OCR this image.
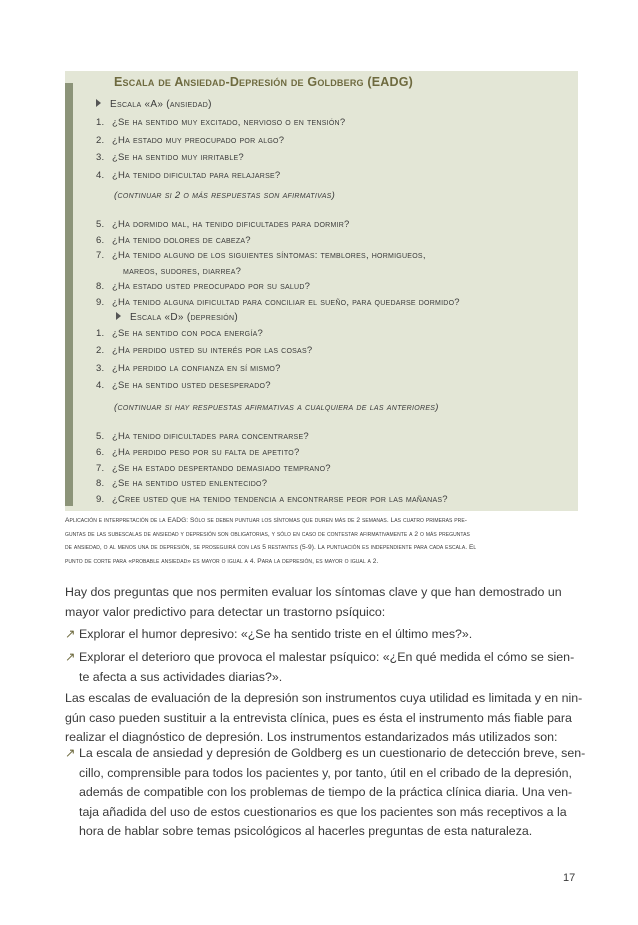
Escala de Ansiedad-Depresión de Goldberg (EADG)
Escala «A» (ansiedad)
1. ¿Se ha sentido muy excitado, nervioso o en tensión?
2. ¿Ha estado muy preocupado por algo?
3. ¿Se ha sentido muy irritable?
4. ¿Ha tenido dificultad para relajarse?
(continuar si 2 o más respuestas son afirmativas)
5. ¿Ha dormido mal, ha tenido dificultades para dormir?
6. ¿Ha tenido dolores de cabeza?
7. ¿Ha tenido alguno de los siguientes síntomas: temblores, hormigueos,
mareos, sudores, diarrea?
8. ¿Ha estado usted preocupado por su salud?
9. ¿Ha tenido alguna dificultad para conciliar el sueño, para quedarse dormido?
Escala «D» (depresión)
1. ¿Se ha sentido con poca energía?
2. ¿Ha perdido usted su interés por las cosas?
3. ¿Ha perdido la confianza en sí mismo?
4. ¿Se ha sentido usted desesperado?
(continuar si hay respuestas afirmativas a cualquiera de las anteriores)
5. ¿Ha tenido dificultades para concentrarse?
6. ¿Ha perdido peso por su falta de apetito?
7. ¿Se ha estado despertando demasiado temprano?
8. ¿Se ha sentido usted enlentecido?
9. ¿Cree usted que ha tenido tendencia a encontrarse peor por las mañanas?
Aplicación e interpretación de la EADG: Sólo se deben puntuar los síntomas que duren más de 2 semanas. Las cuatro primeras pre-
guntas de las subescalas de ansiedad y depresión son obligatorias, y sólo en caso de contestar afirmativamente a 2 o más preguntas
de ansiedad, o al menos una de depresión, se proseguirá con las 5 restantes (5-9). La puntuación es independiente para cada escala. El
punto de corte para «probable ansiedad» es mayor o igual a 4. Para la depresión, es mayor o igual a 2.
Hay dos preguntas que nos permiten evaluar los síntomas clave y que han demostrado un
mayor valor predictivo para detectar un trastorno psíquico:
↗ Explorar el humor depresivo: «¿Se ha sentido triste en el último mes?».
↗ Explorar el deterioro que provoca el malestar psíquico: «¿En qué medida el cómo se sien-
te afecta a sus actividades diarias?».
Las escalas de evaluación de la depresión son instrumentos cuya utilidad es limitada y en nin-
gún caso pueden sustituir a la entrevista clínica, pues es ésta el instrumento más fiable para
realizar el diagnóstico de depresión. Los instrumentos estandarizados más utilizados son:
↗ La escala de ansiedad y depresión de Goldberg es un cuestionario de detección breve, sen-
cillo, comprensible para todos los pacientes y, por tanto, útil en el cribado de la depresión,
además de compatible con los problemas de tiempo de la práctica clínica diaria. Una ven-
taja añadida del uso de estos cuestionarios es que los pacientes son más receptivos a la
hora de hablar sobre temas psicológicos al hacerles preguntas de esta naturaleza.
17
